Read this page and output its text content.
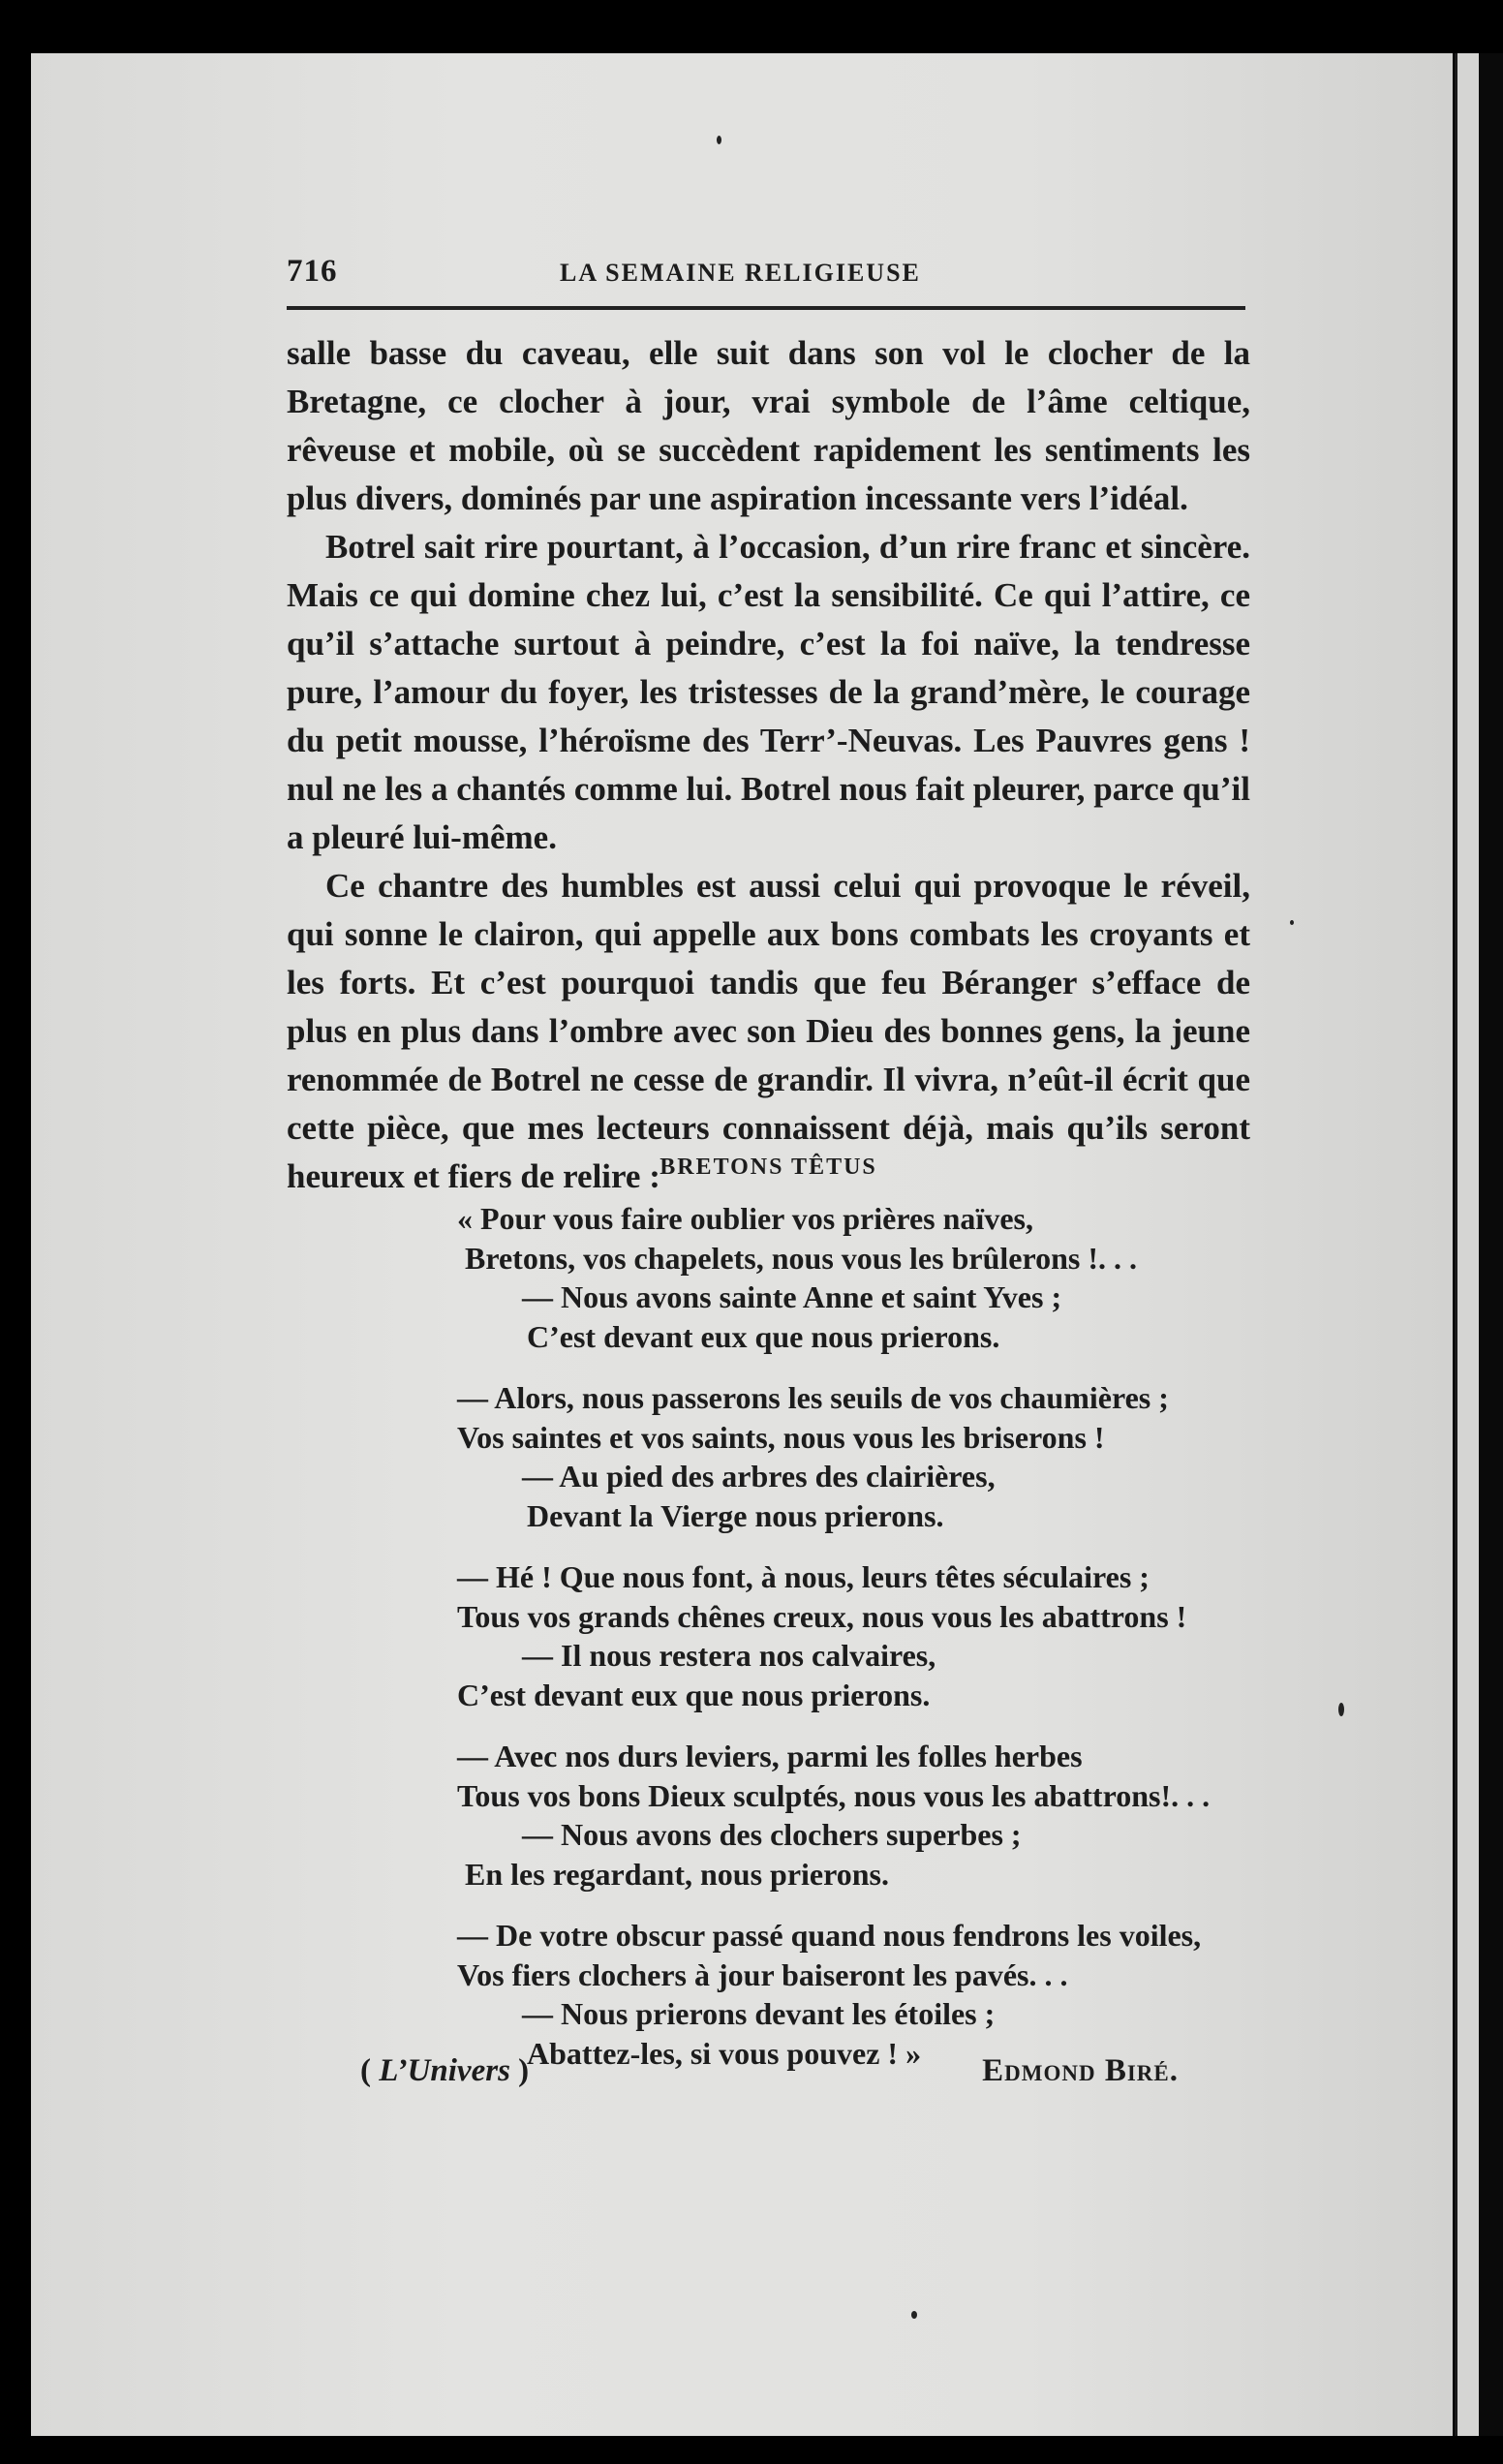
716	LA SEMAINE RELIGIEUSE

salle basse du caveau, elle suit dans son vol le clocher de la Bretagne, ce clocher à jour, vrai symbole de l’âme celtique, rêveuse et mobile, où se succèdent rapidement les sentiments les plus divers, dominés par une aspiration incessante vers l’idéal.

Botrel sait rire pourtant, à l’occasion, d’un rire franc et sincère. Mais ce qui domine chez lui, c’est la sensibilité. Ce qui l’attire, ce qu’il s’attache surtout à peindre, c’est la foi naïve, la tendresse pure, l’amour du foyer, les tristesses de la grand’mère, le courage du petit mousse, l’héroïsme des Terr’-Neuvas. Les Pauvres gens ! nul ne les a chantés comme lui. Botrel nous fait pleurer, parce qu’il a pleuré lui-même.

Ce chantre des humbles est aussi celui qui provoque le réveil, qui sonne le clairon, qui appelle aux bons combats les croyants et les forts. Et c’est pourquoi tandis que feu Béranger s’efface de plus en plus dans l’ombre avec son Dieu des bonnes gens, la jeune renommée de Botrel ne cesse de grandir. Il vivra, n’eût-il écrit que cette pièce, que mes lecteurs connaissent déjà, mais qu’ils seront heureux et fiers de relire : BRETONS TÊTUS
« Pour vous faire oublier vos prières naïves,
Bretons, vos chapelets, nous vous les brûlerons !. . .
— Nous avons sainte Anne et saint Yves ;
C’est devant eux que nous prierons.
— Alors, nous passerons les seuils de vos chaumières ;
Vos saintes et vos saints, nous vous les briserons !
— Au pied des arbres des clairières,
Devant la Vierge nous prierons.
— Hé ! Que nous font, à nous, leurs têtes séculaires ;
Tous vos grands chênes creux, nous vous les abattrons !
— Il nous restera nos calvaires,
C’est devant eux que nous prierons.
— Avec nos durs leviers, parmi les folles herbes
Tous vos bons Dieux sculptés, nous vous les abattrons!. . .
— Nous avons des clochers superbes ;
En les regardant, nous prierons.
— De votre obscur passé quand nous fendrons les voiles,
Vos fiers clochers à jour baiseront les pavés. . .
— Nous prierons devant les étoiles ;
Abattez-les, si vous pouvez ! »
( L’Univers )	Edmond Biré.
